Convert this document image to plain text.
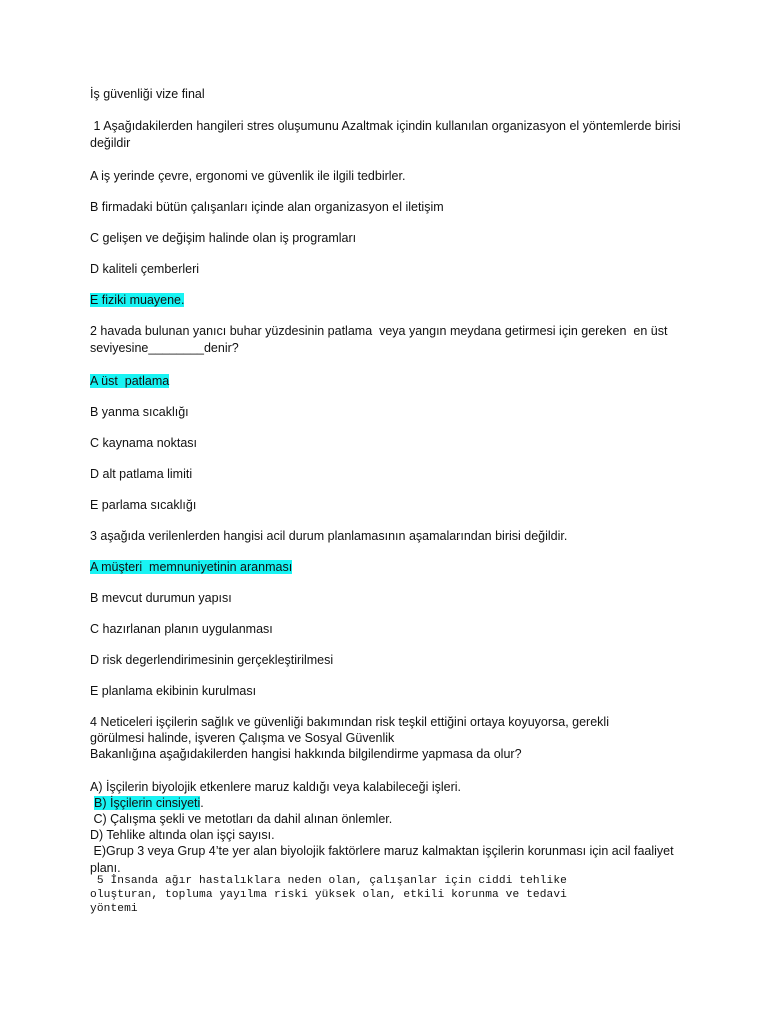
İş güvenliği vize final

1 Aşağıdakilerden hangileri stres oluşumunu Azaltmak içindin kullanılan organizasyon el yöntemlerde birisi değildir

A iş yerinde çevre, ergonomi ve güvenlik ile ilgili tedbirler.

B firmadaki bütün çalışanları içinde alan organizasyon el iletişim

C gelişen ve değişim halinde olan iş programları

D kaliteli çemberleri

E fiziki muayene.

2 havada bulunan yanıcı buhar yüzdesinin patlama  veya yangın meydana getirmesi için gereken  en üst seviyesine________denir?

A üst  patlama

B yanma sıcaklığı

C kaynama noktası

D alt patlama limiti

E parlama sıcaklığı

3 aşağıda verilenlerden hangisi acil durum planlamasının aşamalarından birisi değildir.

A müşteri  memnuniyetinin aranması

B mevcut durumun yapısı

C hazırlanan planın uygulanması

D risk degerlendirimesinin gerçekleştirilmesi

E planlama ekibinin kurulması

4 Neticeleri işçilerin sağlık ve güvenliği bakımından risk teşkil ettiğini ortaya koyuyorsa, gerekli

görülmesi halinde, işveren Çalışma ve Sosyal Güvenlik

Bakanlığına aşağıdakilerden hangisi hakkında bilgilendirme yapmasa da olur?

A) İşçilerin biyolojik etkenlere maruz kaldığı veya kalabileceği işleri.

B) İşçilerin cinsiyeti.

C) Çalışma şekli ve metotları da dahil alınan önlemler.

D) Tehlike altında olan işçi sayısı.

E)Grup 3 veya Grup 4’te yer alan biyolojik faktörlere maruz kalmaktan işçilerin korunması için acil faaliyet planı.

5 İnsanda ağır hastalıklara neden olan, çalışanlar için ciddi tehlike

oluşturan, topluma yayılma riski yüksek olan, etkili korunma ve tedavi

yöntemi
